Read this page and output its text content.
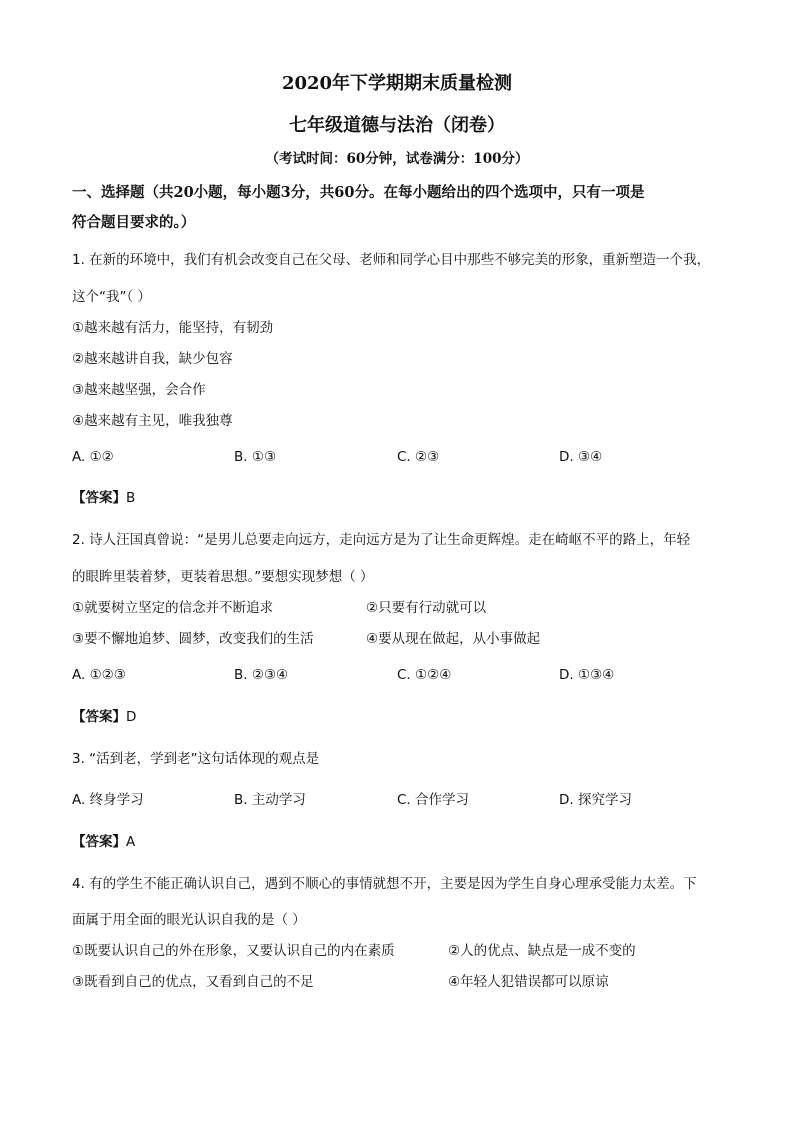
2020年下学期期末质量检测
七年级道德与法治（闭卷）
（考试时间：60分钟，试卷满分：100分）
一、选择题（共20小题，每小题3分，共60分。在每小题给出的四个选项中，只有一项是
符合题目要求的。）
1. 在新的环境中，我们有机会改变自己在父母、老师和同学心目中那些不够完美的形象，重新塑造一个我，
这个“我”（ ）
①越来越有活力，能坚持，有韧劲
②越来越讲自我，缺少包容
③越来越坚强，会合作
④越来越有主见，唯我独尊
A. ①②	B. ①③	C. ②③	D. ③④
【答案】B
2. 诗人汪国真曾说：“是男儿总要走向远方，走向远方是为了让生命更辉煌。走在崎岖不平的路上，年轻
的眼眸里装着梦，更装着思想。”要想实现梦想（ ）
①就要树立坚定的信念并不断追求	②只要有行动就可以
③要不懈地追梦、圆梦，改变我们的生活	④要从现在做起，从小事做起
A. ①②③	B. ②③④	C. ①②④	D. ①③④
【答案】D
3. “活到老，学到老”这句话体现的观点是
A. 终身学习	B. 主动学习	C. 合作学习	D. 探究学习
【答案】A
4. 有的学生不能正确认识自己，遇到不顺心的事情就想不开，主要是因为学生自身心理承受能力太差。下
面属于用全面的眼光认识自我的是（ ）
①既要认识自己的外在形象，又要认识自己的内在素质	②人的优点、缺点是一成不变的
③既看到自己的优点，又看到自己的不足	④年轻人犯错误都可以原谅
